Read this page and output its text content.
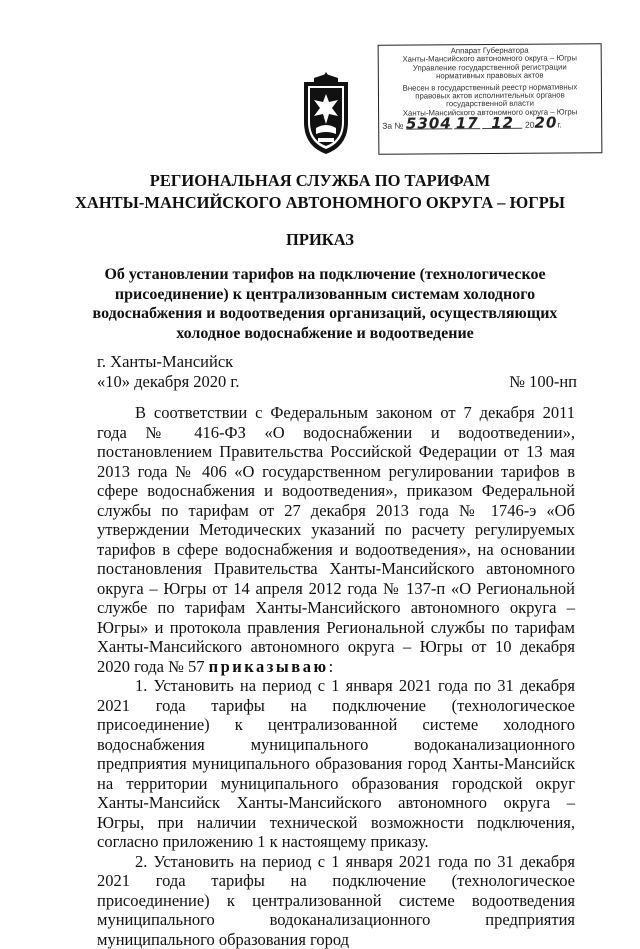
Аппарат Губернатора
Ханты-Мансийского автономного округа – Югры
Управление государственной регистрации
нормативных правовых актов
Внесен в государственный реестр нормативных
правовых актов исполнительных органов
государственной власти
Ханты-Мансийского автономного округа – Югры
За № 5304 17 12 2020г.
РЕГИОНАЛЬНАЯ СЛУЖБА ПО ТАРИФАМ
ХАНТЫ-МАНСИЙСКОГО АВТОНОМНОГО ОКРУГА – ЮГРЫ
ПРИКАЗ
Об установлении тарифов на подключение (технологическое присоединение) к централизованным системам холодного водоснабжения и водоотведения организаций, осуществляющих холодное водоснабжение и водоотведение
г. Ханты-Мансийск
«10» декабря 2020 г.	№ 100-нп

В соответствии с Федеральным законом от 7 декабря 2011 года № 416-ФЗ «О водоснабжении и водоотведении», постановлением Правительства Российской Федерации от 13 мая 2013 года № 406 «О государственном регулировании тарифов в сфере водоснабжения и водоотведения», приказом Федеральной службы по тарифам от 27 декабря 2013 года № 1746-э «Об утверждении Методических указаний по расчету регулируемых тарифов в сфере водоснабжения и водоотведения», на основании постановления Правительства Ханты-Мансийского автономного округа – Югры от 14 апреля 2012 года № 137-п «О Региональной службе по тарифам Ханты-Мансийского автономного округа – Югры» и протокола правления Региональной службы по тарифам Ханты-Мансийского автономного округа – Югры от 10 декабря 2020 года № 57 приказываю:

1. Установить на период с 1 января 2021 года по 31 декабря 2021 года тарифы на подключение (технологическое присоединение) к централизованной системе холодного водоснабжения муниципального водоканализационного предприятия муниципального образования город Ханты-Мансийск на территории муниципального образования городской округ Ханты-Мансийск Ханты-Мансийского автономного округа – Югры, при наличии технической возможности подключения, согласно приложению 1 к настоящему приказу.

2. Установить на период с 1 января 2021 года по 31 декабря 2021 года тарифы на подключение (технологическое присоединение) к централизованной системе водоотведения муниципального водоканализационного предприятия муниципального образования город
